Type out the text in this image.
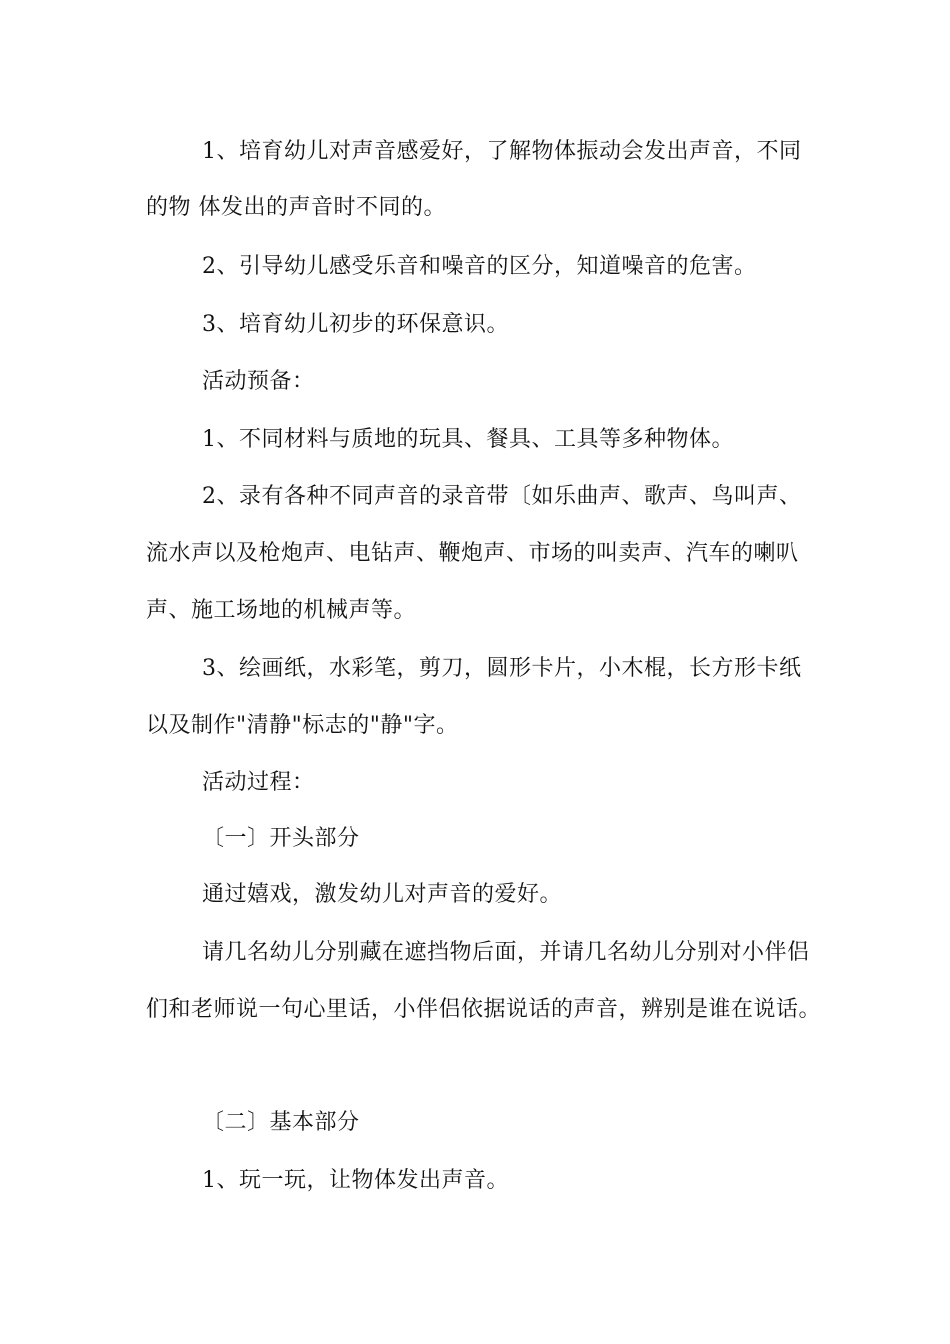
1、培育幼儿对声音感爱好，了解物体振动会发出声音，不同
的物 体发出的声音时不同的。
2、引导幼儿感受乐音和噪音的区分，知道噪音的危害。
3、培育幼儿初步的环保意识。
活动预备：
1、不同材料与质地的玩具、餐具、工具等多种物体。
2、录有各种不同声音的录音带〔如乐曲声、歌声、鸟叫声、
流水声以及枪炮声、电钻声、鞭炮声、市场的叫卖声、汽车的喇叭
声、施工场地的机械声等。
3、绘画纸，水彩笔，剪刀，圆形卡片，小木棍，长方形卡纸
以及制作"清静"标志的"静"字。
活动过程：
〔一〕开头部分
通过嬉戏，激发幼儿对声音的爱好。
请几名幼儿分别藏在遮挡物后面，并请几名幼儿分别对小伴侣
们和老师说一句心里话，小伴侣依据说话的声音，辨别是谁在说话。
〔二〕基本部分
1、玩一玩，让物体发出声音。
